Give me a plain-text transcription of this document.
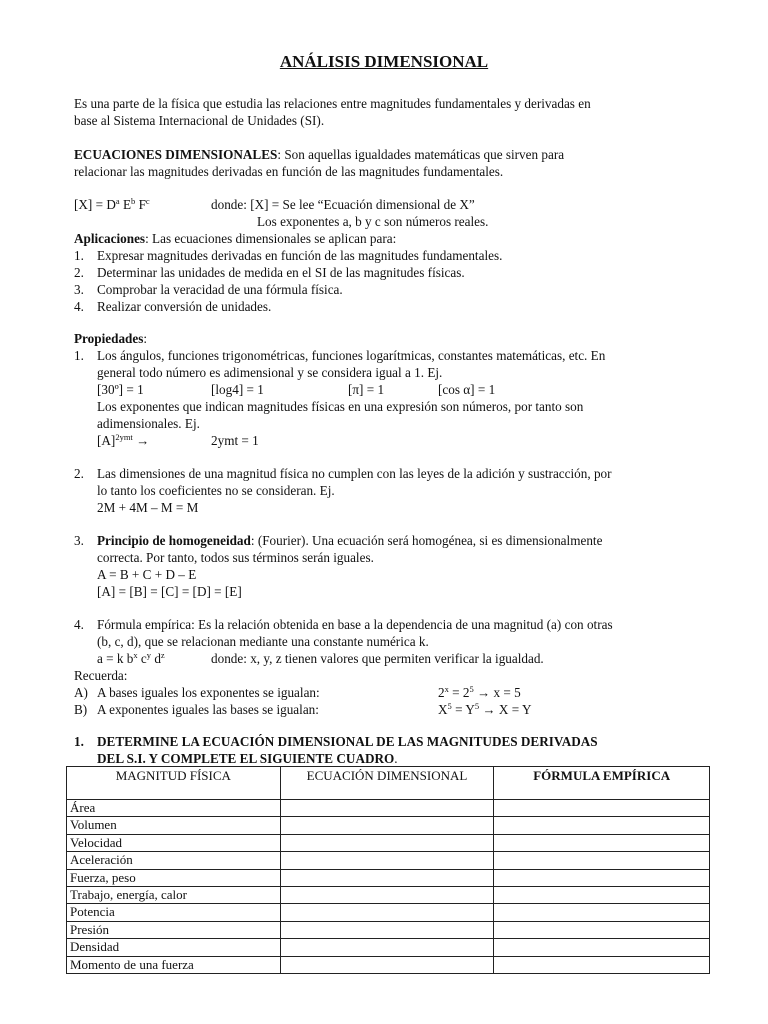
ANÁLISIS DIMENSIONAL
Es una parte de la física que estudia las relaciones entre magnitudes fundamentales y derivadas en
base al Sistema Internacional de Unidades (SI).
ECUACIONES DIMENSIONALES: Son aquellas igualdades matemáticas que sirven para
relacionar las magnitudes derivadas en función de las magnitudes fundamentales.
$[X] = D^a$ $E^b$ $F^c$	donde: [X] = Se lee “Ecuación dimensional de X”
Los exponentes a, b y c son números reales.
Aplicaciones: Las ecuaciones dimensionales se aplican para:
1. Expresar magnitudes derivadas en función de las magnitudes fundamentales.
2. Determinar las unidades de medida en el SI de las magnitudes físicas.
3. Comprobar la veracidad de una fórmula física.
4. Realizar conversión de unidades.
Propiedades:
1. Los ángulos, funciones trigonométricas, funciones logarítmicas, constantes matemáticas, etc. En
general todo número es adimensional y se considera igual a 1. Ej.
[30º] = 1	[log4] = 1	[π] = 1	[cos α] = 1
Los exponentes que indican magnitudes físicas en una expresión son números, por tanto son
adimensionales. Ej.
$[A]^{2ymt}$ →	2ymt = 1
2. Las dimensiones de una magnitud física no cumplen con las leyes de la adición y sustracción, por
lo tanto los coeficientes no se consideran. Ej.
2M + 4M – M = M
3. Principio de homogeneidad: (Fourier). Una ecuación será homogénea, si es dimensionalmente
correcta. Por tanto, todos sus términos serán iguales.
A = B + C + D – E
[A] = [B] = [C] = [D] = [E]
4. Fórmula empírica: Es la relación obtenida en base a la dependencia de una magnitud (a) con otras
(b, c, d), que se relacionan mediante una constante numérica k.
a = k $b^x$ $c^y$ $d^z$	donde: x, y, z tienen valores que permiten verificar la igualdad.
Recuerda:
A) A bases iguales los exponentes se igualan:	$2^x = 2^5 \to x = 5$
B) A exponentes iguales las bases se igualan:	$X^5 = Y^5 \to X = Y$
1. DETERMINE LA ECUACIÓN DIMENSIONAL DE LAS MAGNITUDES DERIVADAS
DEL S.I. Y COMPLETE EL SIGUIENTE CUADRO.
MAGNITUD FÍSICA	ECUACIÓN DIMENSIONAL	FÓRMULA EMPÍRICA
Área		
Volumen		
Velocidad		
Aceleración		
Fuerza, peso		
Trabajo, energía, calor		
Potencia		
Presión		
Densidad		
Momento de una fuerza		
